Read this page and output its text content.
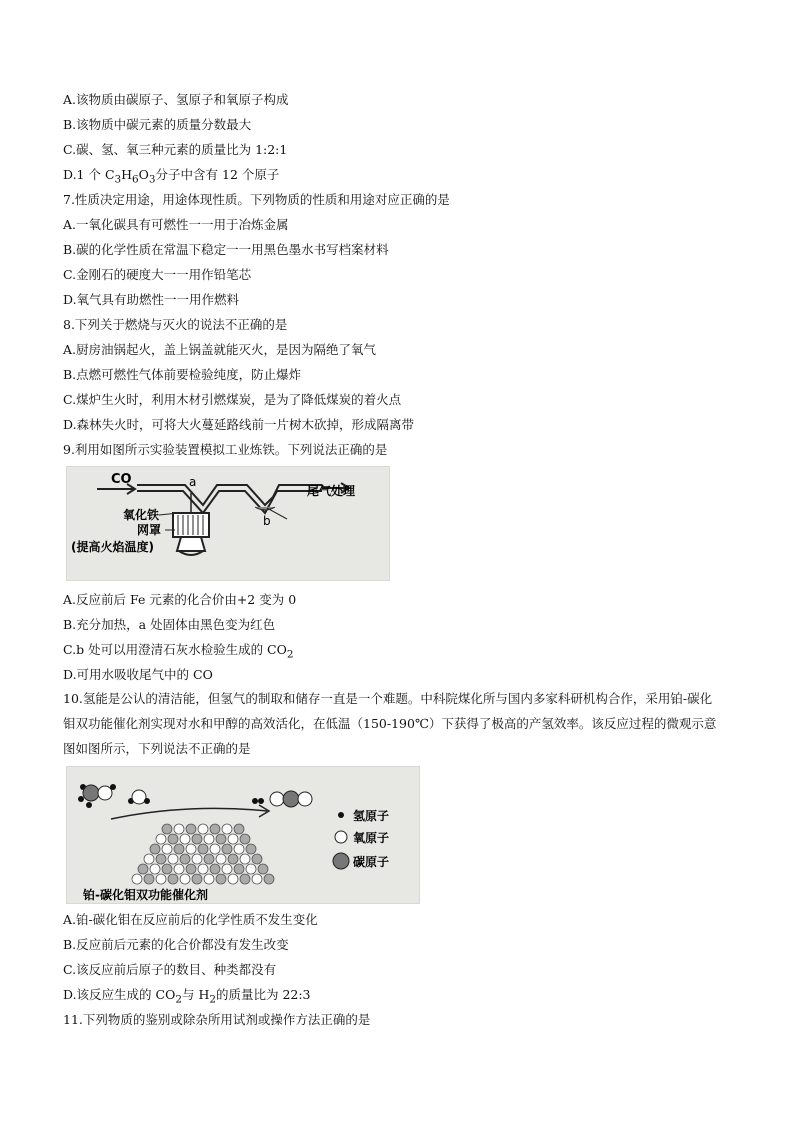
A.该物质由碳原子、氢原子和氧原子构成
B.该物质中碳元素的质量分数最大
C.碳、氢、氧三种元素的质量比为 1:2:1
D.1 个 $C_3H_6O_3$分子中含有 12 个原子
7.性质决定用途，用途体现性质。下列物质的性质和用途对应正确的是
A.一氧化碳具有可燃性一一用于冶炼金属
B.碳的化学性质在常温下稳定一一用黑色墨水书写档案材料
C.金刚石的硬度大一一用作铅笔芯
D.氧气具有助燃性一一用作燃料
8.下列关于燃烧与灭火的说法不正确的是
A.厨房油锅起火，盖上锅盖就能灭火，是因为隔绝了氧气
B.点燃可燃性气体前要检验纯度，防止爆炸
C.煤炉生火时，利用木材引燃煤炭，是为了降低煤炭的着火点
D.森林失火时，可将大火蔓延路线前一片树木砍掉，形成隔离带
9.利用如图所示实验装置模拟工业炼铁。下列说法正确的是
CO	a
b
尾气处理
氧化铁
网罩
(提高火焰温度)
A.反应前后 Fe 元素的化合价由+2 变为 0
B.充分加热，a 处固体由黑色变为红色
C.b 处可以用澄清石灰水检验生成的 $CO_2$
D.可用水吸收尾气中的 CO
10.氢能是公认的清洁能，但氢气的制取和储存一直是一个难题。中科院煤化所与国内多家科研机构合作，采用铂-碳化钼双功能催化剂实现对水和甲醇的高效活化，在低温（150-190℃）下获得了极高的产氢效率。该反应过程的微观示意图如图所示，下列说法不正确的是
氢原子
氧原子
碳原子
铂-碳化钼双功能催化剂
A.铂-碳化钼在反应前后的化学性质不发生变化
B.反应前后元素的化合价都没有发生改变
C.该反应前后原子的数目、种类都没有
D.该反应生成的 $CO_2$与 $H_2$的质量比为 22:3
11.下列物质的鉴别或除杂所用试剂或操作方法正确的是
